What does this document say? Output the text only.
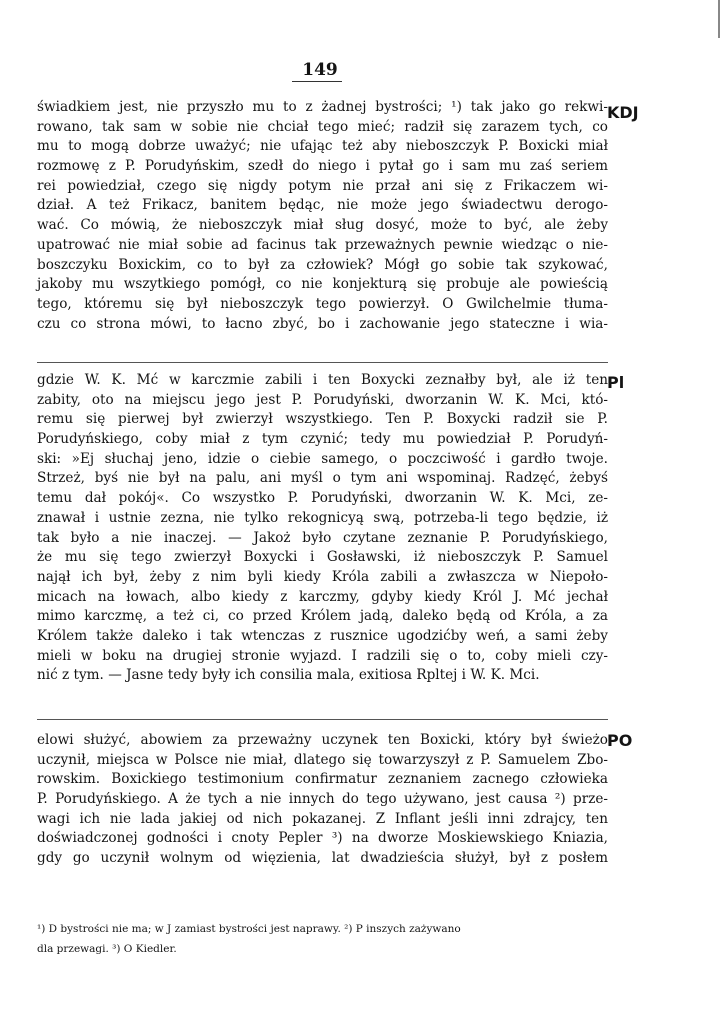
149
KDJ
świadkiem jest, nie przyszło mu to z żadnej bystrości; ¹) tak jako go rekwi-
rowano, tak sam w sobie nie chciał tego mieć; radził się zarazem tych, co
mu to mogą dobrze uważyć; nie ufając też aby nieboszczyk P. Boxicki miał
rozmowę z P. Porudyńskim, szedł do niego i pytał go i sam mu zaś seriem
rei powiedział, czego się nigdy potym nie przał ani się z Frikaczem wi-
dział. A też Frikacz, banitem będąc, nie może jego świadectwu derogo-
wać. Co mówią, że nieboszczyk miał sług dosyć, może to być, ale żeby
upatrować nie miał sobie ad facinus tak przeważnych pewnie wiedząc o nie-
boszczyku Boxickim, co to był za człowiek? Mógł go sobie tak szykować,
jakoby mu wszytkiego pomógł, co nie konjekturą się probuje ale powieścią
tego, któremu się był nieboszczyk tego powierzył. O Gwilchelmie tłuma-
czu co strona mówi, to łacno zbyć, bo i zachowanie jego stateczne i wia-
Pl
gdzie W. K. Mć w karczmie zabili i ten Boxycki zeznałby był, ale iż ten
zabity, oto na miejscu jego jest P. Porudyński, dworzanin W. K. Mci, któ-
remu się pierwej był zwierzył wszystkiego. Ten P. Boxycki radził sie P.
Porudyńskiego, coby miał z tym czynić; tedy mu powiedział P. Porudyń-
ski: »Ej słuchaj jeno, idzie o ciebie samego, o poczciwość i gardło twoje.
Strzeż, byś nie był na palu, ani myśl o tym ani wspominaj. Radzęć, żebyś
temu dał pokój«. Co wszystko P. Porudyński, dworzanin W. K. Mci, ze-
znawał i ustnie zezna, nie tylko rekognicyą swą, potrzeba-li tego będzie, iż
tak było a nie inaczej. — Jakoż było czytane zeznanie P. Porudyńskiego,
że mu się tego zwierzył Boxycki i Gosławski, iż nieboszczyk P. Samuel
najął ich był, żeby z nim byli kiedy Króla zabili a zwłaszcza w Niepoło-
micach na łowach, albo kiedy z karczmy, gdyby kiedy Król J. Mć jechał
mimo karczmę, a też ci, co przed Królem jadą, daleko będą od Króla, a za
Królem także daleko i tak wtenczas z rusznice ugodzićby weń, a sami żeby
mieli w boku na drugiej stronie wyjazd. I radzili się o to, coby mieli czy-
nić z tym. — Jasne tedy były ich consilia mala, exitiosa Rpltej i W. K. Mci.
PO
elowi służyć, abowiem za przeważny uczynek ten Boxicki, który był świeżo
uczynił, miejsca w Polsce nie miał, dlatego się towarzyszył z P. Samuelem Zbo-
rowskim. Boxickiego testimonium confirmatur zeznaniem zacnego człowieka
P. Porudyńskiego. A że tych a nie innych do tego używano, jest causa ²) prze-
wagi ich nie lada jakiej od nich pokazanej. Z Inflant jeśli inni zdrajcy, ten
doświadczonej godności i cnoty Pepler ³) na dworze Moskiewskiego Kniazia,
gdy go uczynił wolnym od więzienia, lat dwadzieścia służył, był z posłem
¹) D bystrości nie ma; w J zamiast bystrości jest naprawy. ²) P inszych zażywano
dla przewagi. ³) O Kiedler.
